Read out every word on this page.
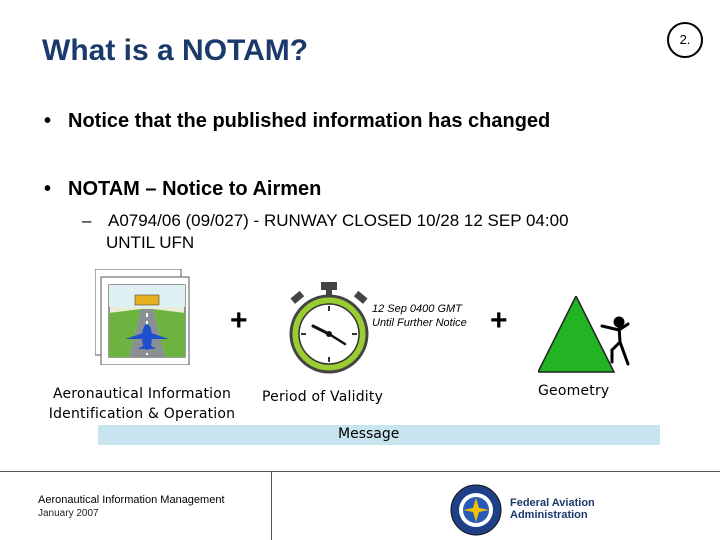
What is a NOTAM?	2.
• Notice that the published information has changed
• NOTAM – Notice to Airmen
– A0794/06 (09/027) - RUNWAY CLOSED 10/28 12 SEP 04:00
UNTIL UFN
+	12 Sep 0400 GMT
Until Further Notice +
Aeronautical Information
Identification & Operation
Period of Validity	Geometry
Message
Aeronautical Information Management
January 2007
Federal Aviation
Administration
